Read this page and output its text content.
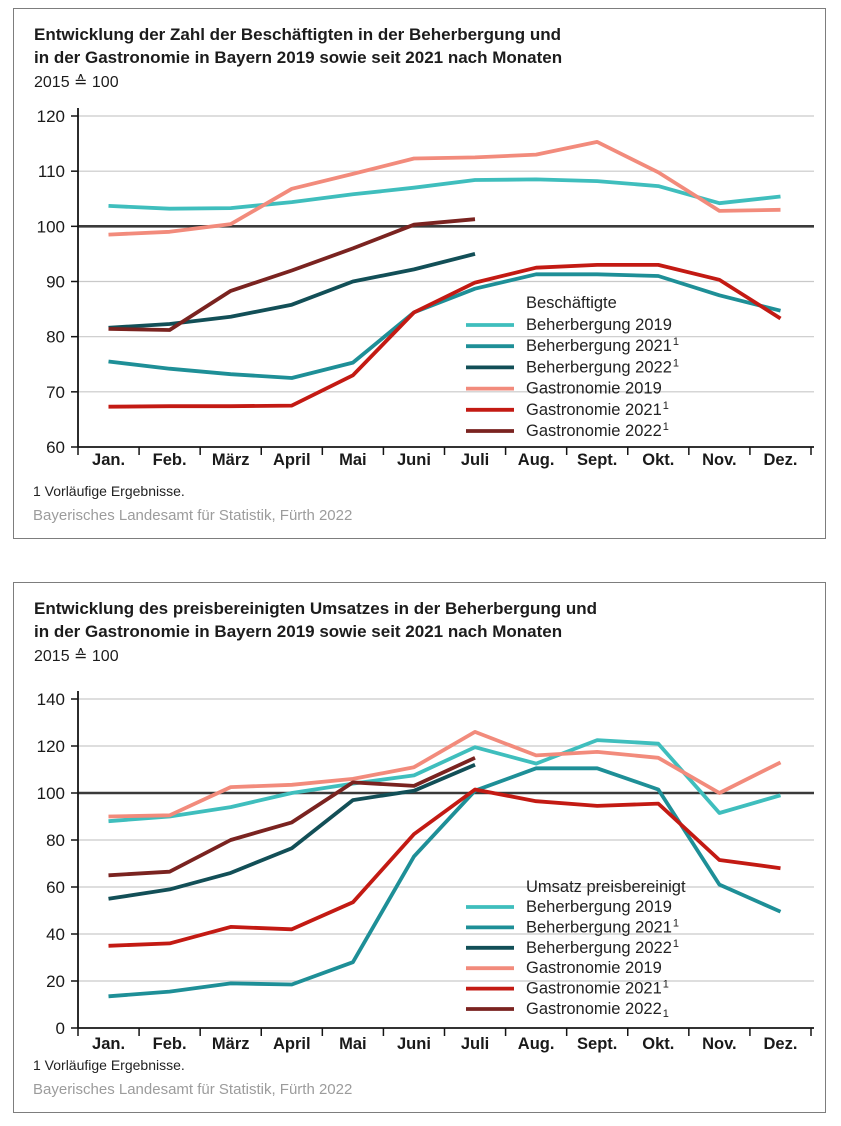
60
70
80
90
100
110
120
Jan. Feb. März April Mai Juni Juli Aug. Sept. Okt. Nov. Dez.
Beschäftigte
Beherbergung 2019
Beherbergung 2021$^1$
Beherbergung 2022$^1$
Gastronomie 2019
Gastronomie 2021$^1$
Gastronomie 2022$^1$
Entwicklung der Zahl der Beschäftigten in der Beherbergung und
in der Gastronomie in Bayern 2019 sowie seit 2021 nach Monaten
2015 ≙ 100
1 Vorläufige Ergebnisse.
Bayerisches Landesamt für Statistik, Fürth 2022
0
20
40
60
80
100
120
140
Jan. Feb. März April Mai Juni Juli Aug. Sept. Okt. Nov. Dez.
Umsatz preisbereinigt
Beherbergung 2019
Beherbergung 2021$^1$
Beherbergung 2022$^1$
Gastronomie 2019
Gastronomie 2021$^1$
Gastronomie 20221
Entwicklung des preisbereinigten Umsatzes in der Beherbergung und
in der Gastronomie in Bayern 2019 sowie seit 2021 nach Monaten
2015 ≙ 100
1 Vorläufige Ergebnisse.
Bayerisches Landesamt für Statistik, Fürth 2022
